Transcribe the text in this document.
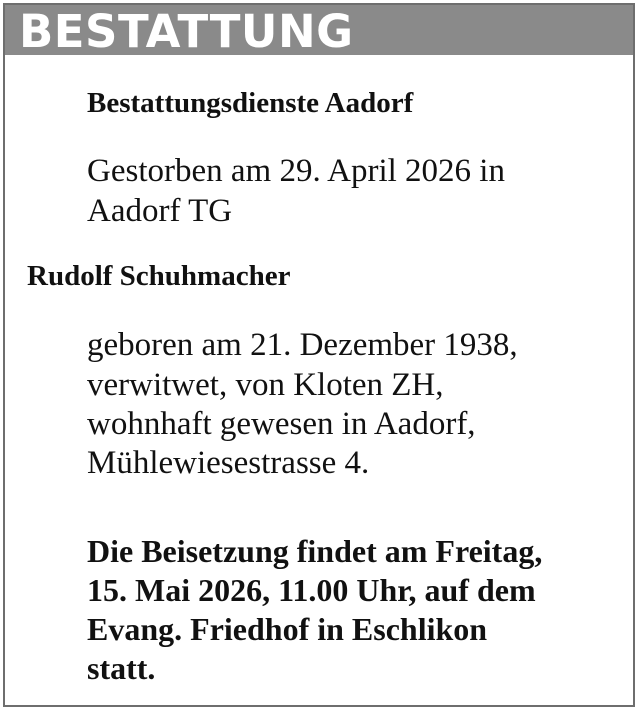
BESTATTUNG

Bestattungsdienste Aadorf

Gestorben am 29. April 2026 in

Aadorf TG

Rudolf Schuhmacher

geboren am 21. Dezember 1938,

verwitwet, von Kloten ZH,

wohnhaft gewesen in Aadorf,

Mühlewiesestrasse 4.

Die Beisetzung findet am Freitag,

15. Mai 2026, 11.00 Uhr, auf dem

Evang. Friedhof in Eschlikon

statt.
